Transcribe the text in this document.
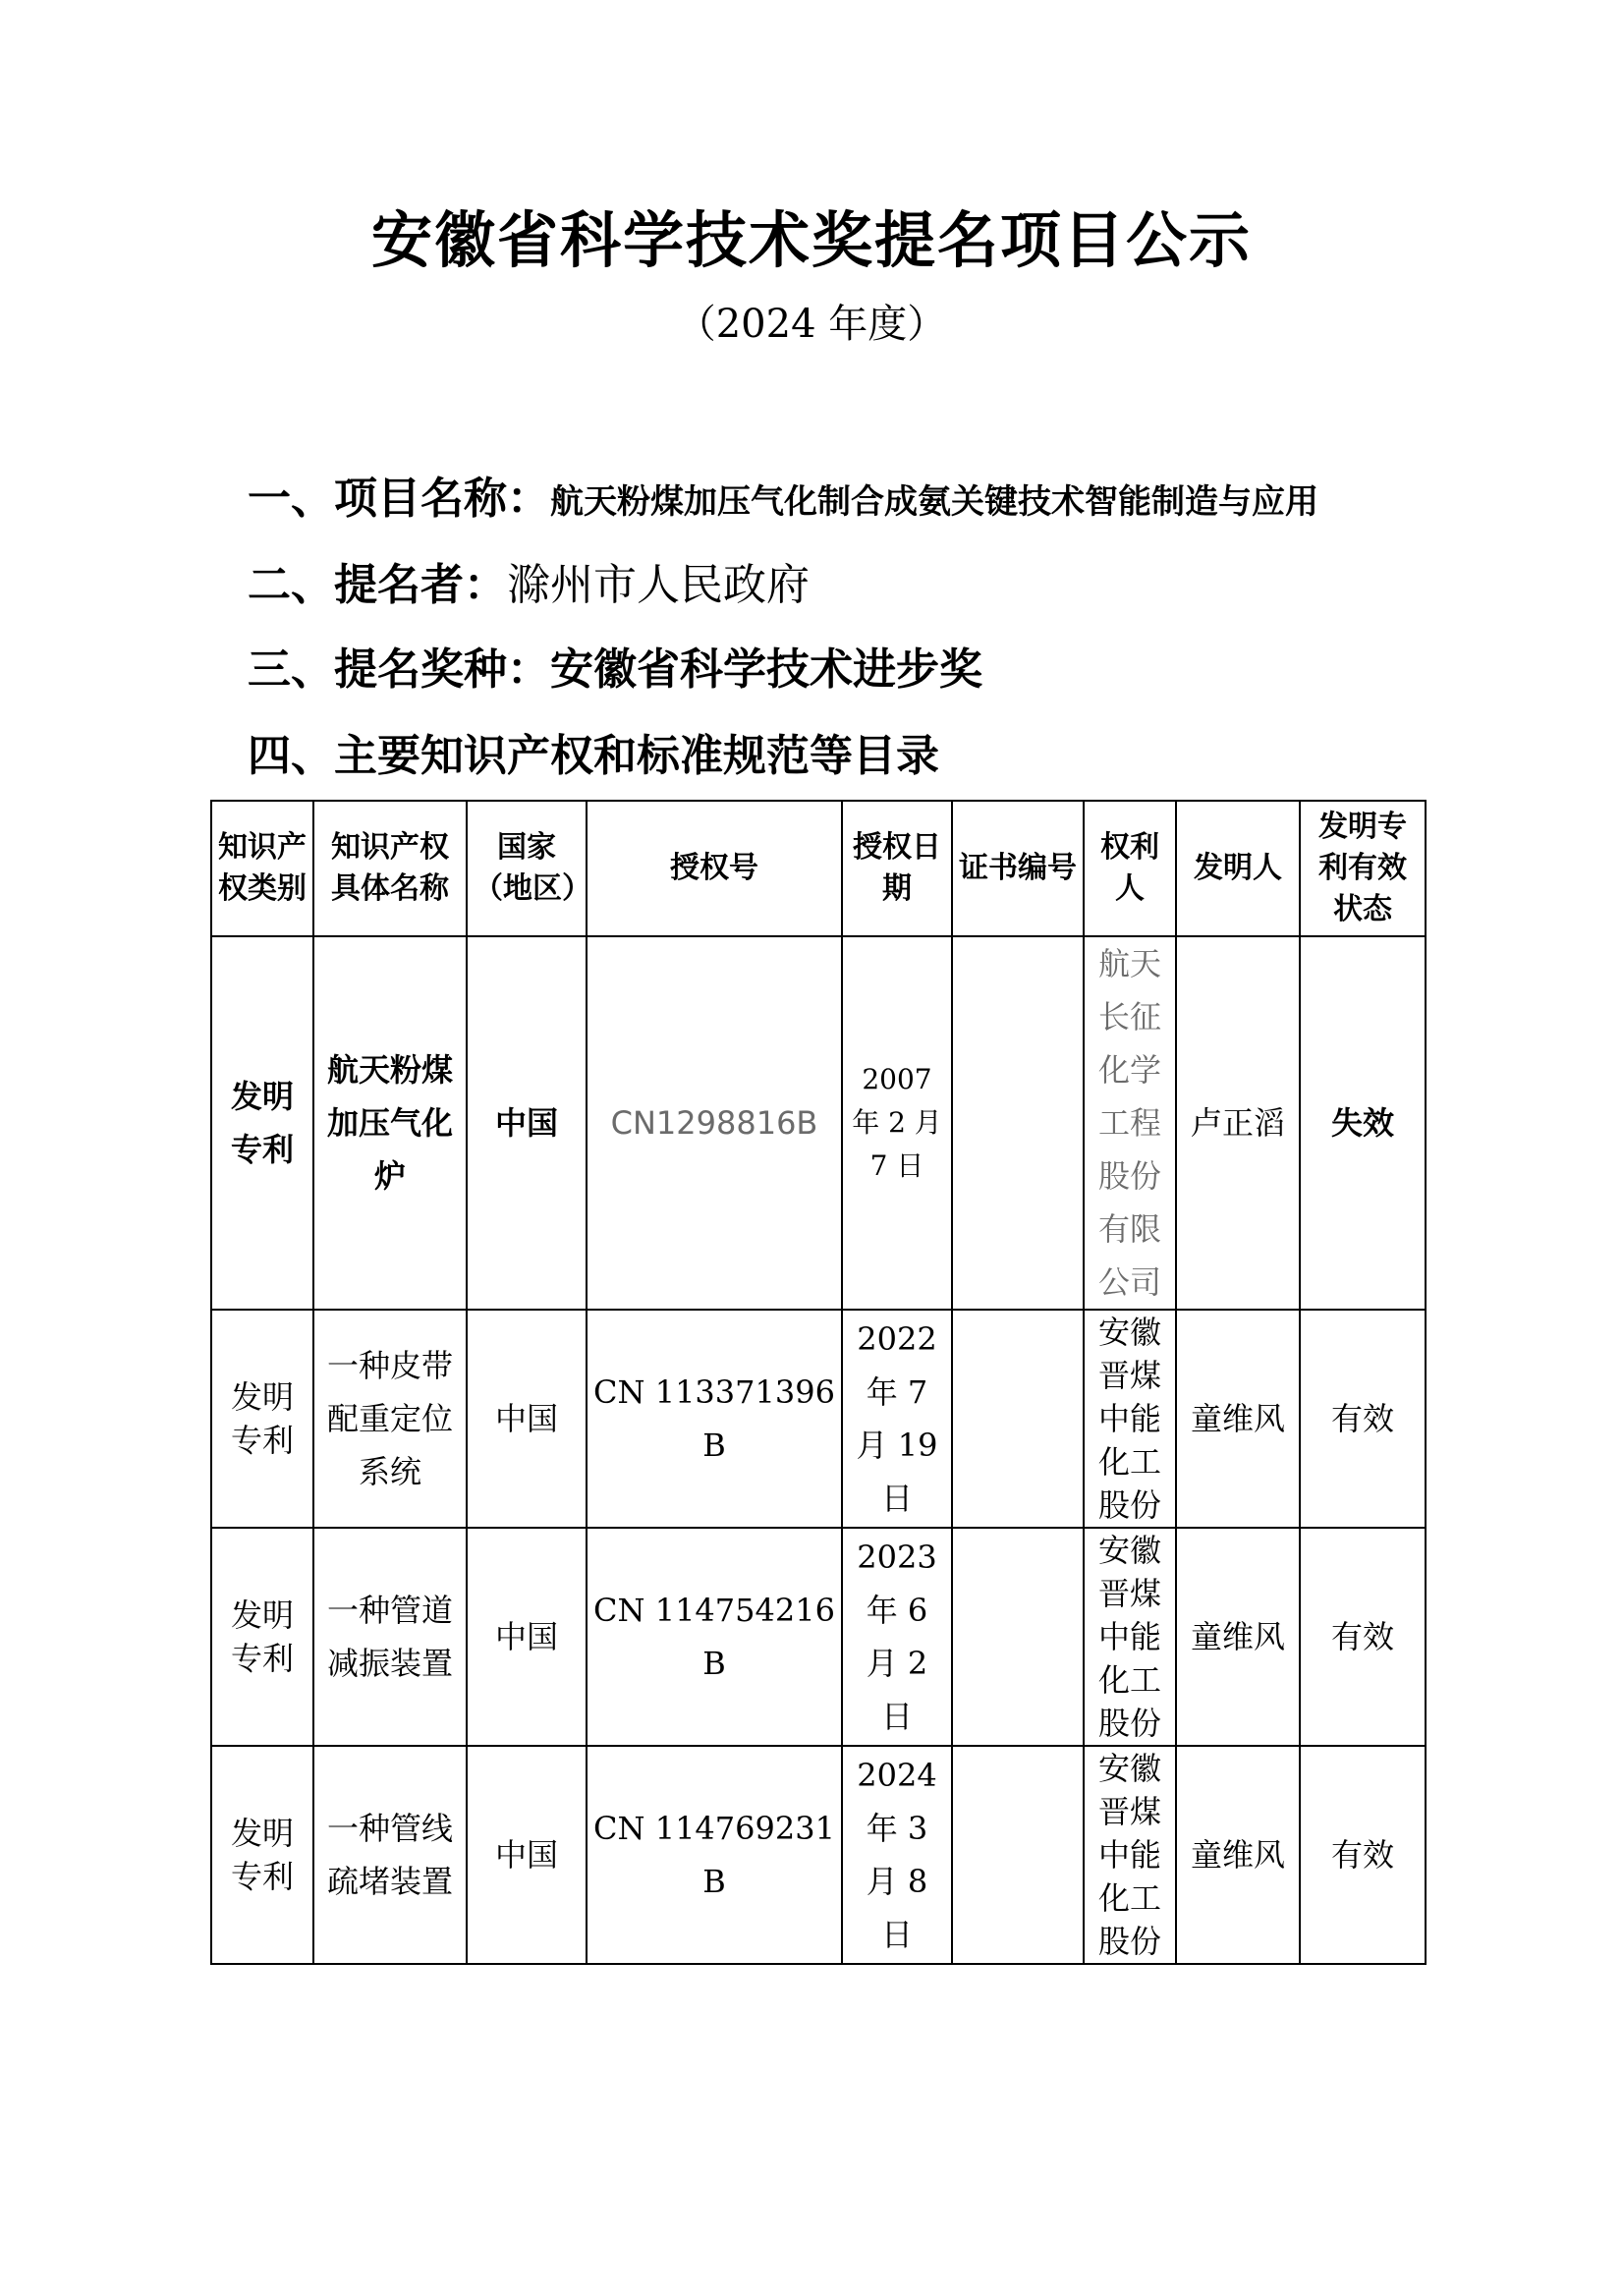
安徽省科学技术奖提名项目公示
（2024 年度）
一、项目名称：航天粉煤加压气化制合成氨关键技术智能制造与应用
二、提名者：滁州市人民政府
三、提名奖种：安徽省科学技术进步奖
四、主要知识产权和标准规范等目录
知识产权类别	知识产权具体名称	国家（地区）	授权号	授权日期	证书编号	权利人	发明人	发明专利有效状态
发明专利	航天粉煤加压气化炉	中国	CN1298816B	2007 年 2 月 7 日		航天长征化学工程股份有限公司	卢正滔	失效
发明专利	一种皮带配重定位系统	中国	CN 113371396 B	2022 年 7 月 19 日		安徽晋煤中能化工股份	童维风	有效
发明专利	一种管道减振装置	中国	CN 114754216 B	2023 年 6 月 2 日		安徽晋煤中能化工股份	童维风	有效
发明专利	一种管线疏堵装置	中国	CN 114769231 B	2024 年 3 月 8 日		安徽晋煤中能化工股份	童维风	有效
